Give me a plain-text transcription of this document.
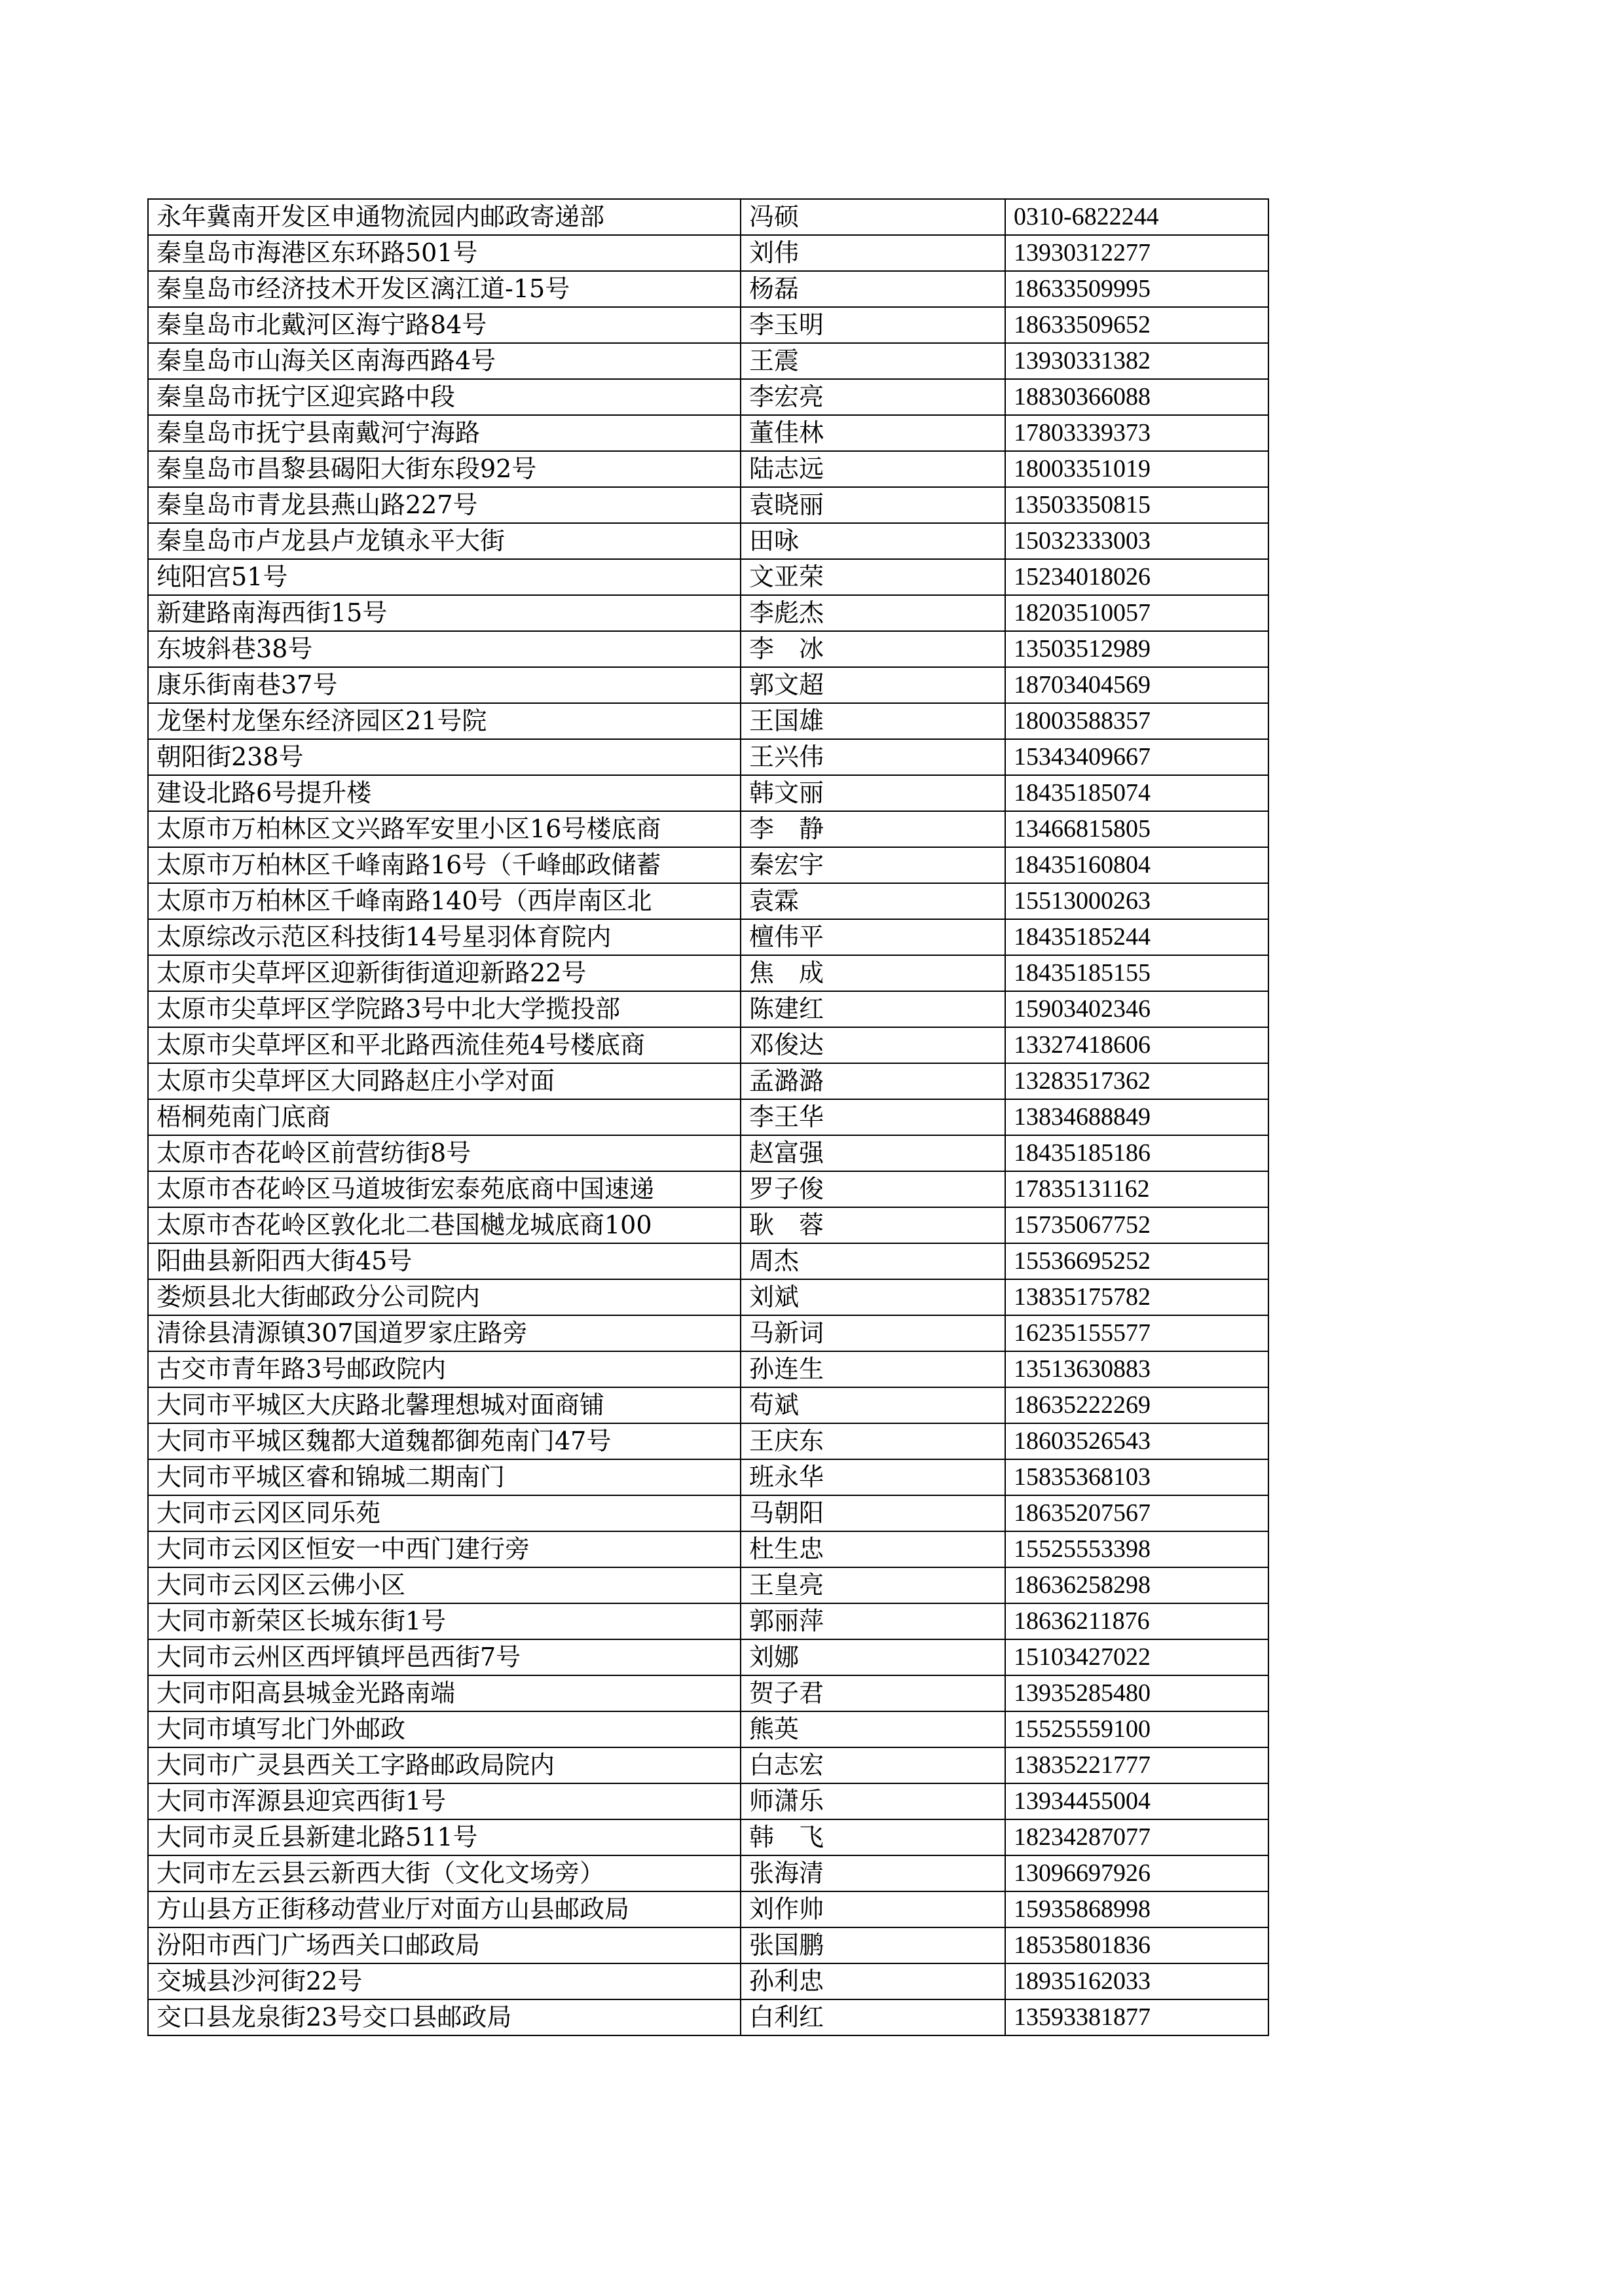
永年冀南开发区申通物流园内邮政寄递部	冯硕	0310-6822244
秦皇岛市海港区东环路501号	刘伟	13930312277
秦皇岛市经济技术开发区漓江道-15号	杨磊	18633509995
秦皇岛市北戴河区海宁路84号	李玉明	18633509652
秦皇岛市山海关区南海西路4号	王震	13930331382
秦皇岛市抚宁区迎宾路中段	李宏亮	18830366088
秦皇岛市抚宁县南戴河宁海路	董佳林	17803339373
秦皇岛市昌黎县碣阳大街东段92号	陆志远	18003351019
秦皇岛市青龙县燕山路227号	袁晓丽	13503350815
秦皇岛市卢龙县卢龙镇永平大街	田咏	15032333003
纯阳宫51号	文亚荣	15234018026
新建路南海西街15号	李彪杰	18203510057
东坡斜巷38号	李　冰	13503512989
康乐街南巷37号	郭文超	18703404569
龙堡村龙堡东经济园区21号院	王国雄	18003588357
朝阳街238号	王兴伟	15343409667
建设北路6号提升楼	韩文丽	18435185074
太原市万柏林区文兴路军安里小区16号楼底商	李　静	13466815805
太原市万柏林区千峰南路16号（千峰邮政储蓄	秦宏宇	18435160804
太原市万柏林区千峰南路140号（西岸南区北	袁霖	15513000263
太原综改示范区科技街14号星羽体育院内	檀伟平	18435185244
太原市尖草坪区迎新街街道迎新路22号	焦　成	18435185155
太原市尖草坪区学院路3号中北大学揽投部	陈建红	15903402346
太原市尖草坪区和平北路西流佳苑4号楼底商	邓俊达	13327418606
太原市尖草坪区大同路赵庄小学对面	孟潞潞	13283517362
梧桐苑南门底商	李王华	13834688849
太原市杏花岭区前营纺街8号	赵富强	18435185186
太原市杏花岭区马道坡街宏泰苑底商中国速递	罗子俊	17835131162
太原市杏花岭区敦化北二巷国樾龙城底商100	耿　蓉	15735067752
阳曲县新阳西大街45号	周杰	15536695252
娄烦县北大街邮政分公司院内	刘斌	13835175782
清徐县清源镇307国道罗家庄路旁	马新词	16235155577
古交市青年路3号邮政院内	孙连生	13513630883
大同市平城区大庆路北馨理想城对面商铺	苟斌	18635222269
大同市平城区魏都大道魏都御苑南门47号	王庆东	18603526543
大同市平城区睿和锦城二期南门	班永华	15835368103
大同市云冈区同乐苑	马朝阳	18635207567
大同市云冈区恒安一中西门建行旁	杜生忠	15525553398
大同市云冈区云佛小区	王皇亮	18636258298
大同市新荣区长城东街1号	郭丽萍	18636211876
大同市云州区西坪镇坪邑西街7号	刘娜	15103427022
大同市阳高县城金光路南端	贺子君	13935285480
大同市填写北门外邮政	熊英	15525559100
大同市广灵县西关工字路邮政局院内	白志宏	13835221777
大同市浑源县迎宾西街1号	师潇乐	13934455004
大同市灵丘县新建北路511号	韩　飞	18234287077
大同市左云县云新西大街（文化文场旁）	张海清	13096697926
方山县方正街移动营业厅对面方山县邮政局	刘作帅	15935868998
汾阳市西门广场西关口邮政局	张国鹏	18535801836
交城县沙河街22号	孙利忠	18935162033
交口县龙泉街23号交口县邮政局	白利红	13593381877
